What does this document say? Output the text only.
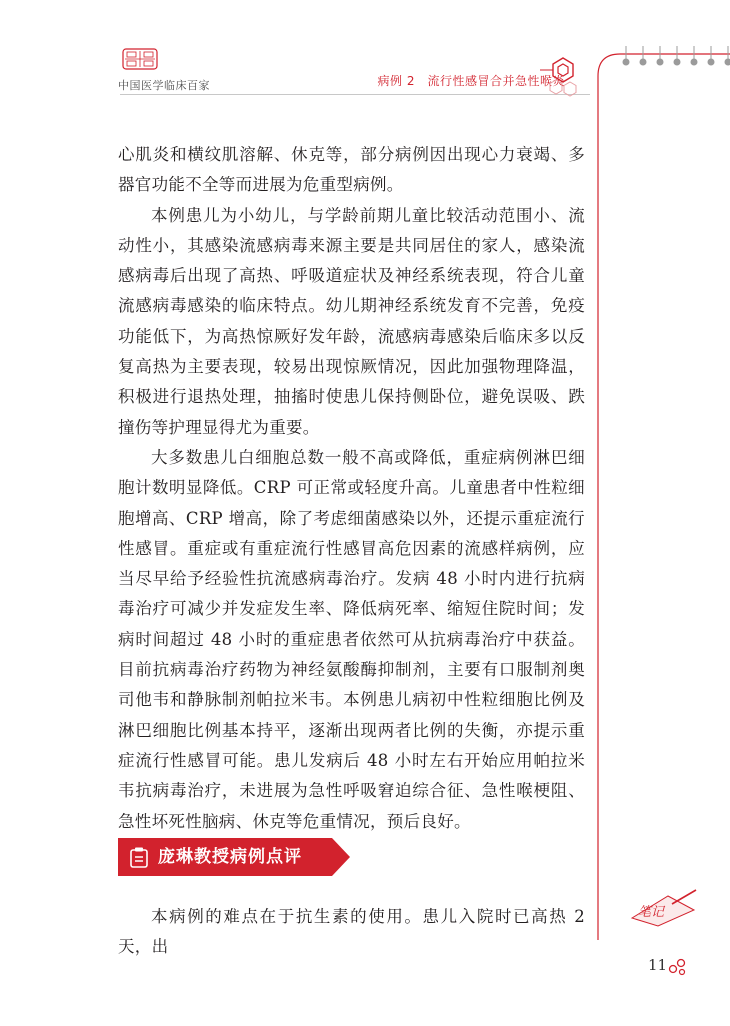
中国医学临床百家	病例 2　流行性感冒合并急性喉炎
笔记

心肌炎和横纹肌溶解、休克等，部分病例因出现心力衰竭、多器官功能不全等而进展为危重型病例。

本例患儿为小幼儿，与学龄前期儿童比较活动范围小、流动性小，其感染流感病毒来源主要是共同居住的家人，感染流感病毒后出现了高热、呼吸道症状及神经系统表现，符合儿童流感病毒感染的临床特点。幼儿期神经系统发育不完善，免疫功能低下，为高热惊厥好发年龄，流感病毒感染后临床多以反复高热为主要表现，较易出现惊厥情况，因此加强物理降温，积极进行退热处理，抽搐时使患儿保持侧卧位，避免误吸、跌撞伤等护理显得尤为重要。

大多数患儿白细胞总数一般不高或降低，重症病例淋巴细胞计数明显降低。CRP 可正常或轻度升高。儿童患者中性粒细胞增高、CRP 增高，除了考虑细菌感染以外，还提示重症流行性感冒。重症或有重症流行性感冒高危因素的流感样病例，应当尽早给予经验性抗流感病毒治疗。发病 48 小时内进行抗病毒治疗可减少并发症发生率、降低病死率、缩短住院时间；发病时间超过 48 小时的重症患者依然可从抗病毒治疗中获益。目前抗病毒治疗药物为神经氨酸酶抑制剂，主要有口服制剂奥司他韦和静脉制剂帕拉米韦。本例患儿病初中性粒细胞比例及淋巴细胞比例基本持平，逐渐出现两者比例的失衡，亦提示重症流行性感冒可能。患儿发病后 48 小时左右开始应用帕拉米韦抗病毒治疗，未进展为急性呼吸窘迫综合征、急性喉梗阻、急性坏死性脑病、休克等危重情况，预后良好。

庞琳教授病例点评

本病例的难点在于抗生素的使用。患儿入院时已高热 2 天，出

11
